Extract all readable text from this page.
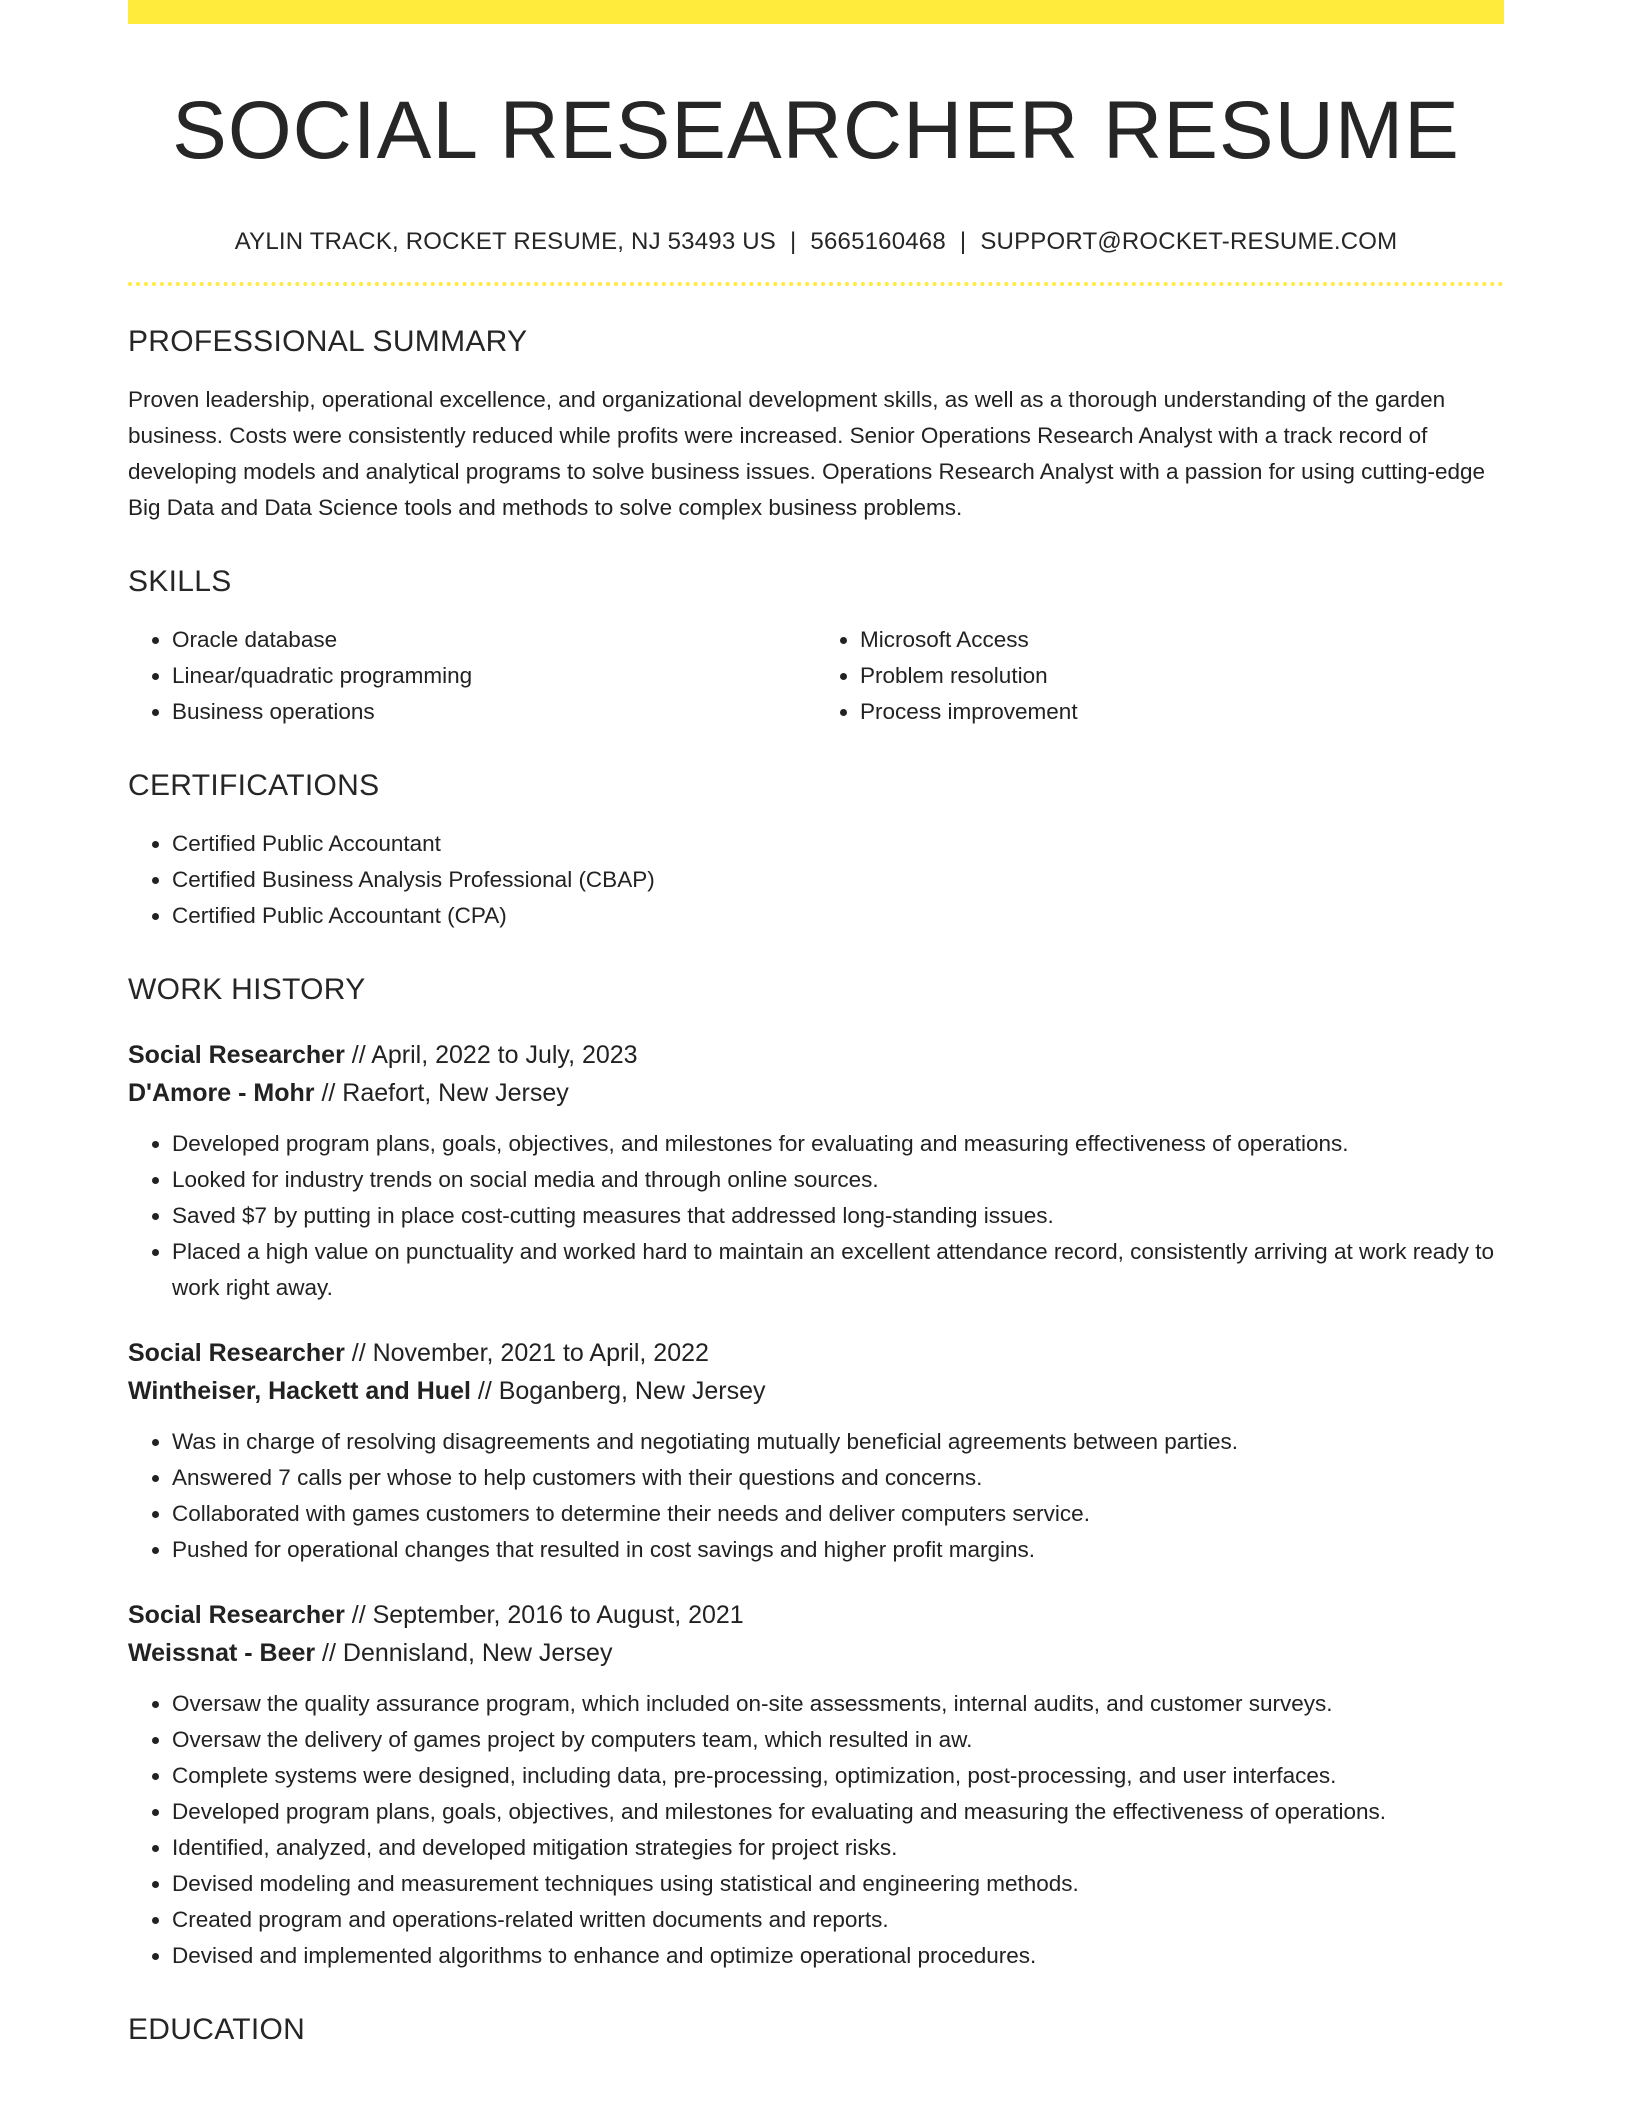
SOCIAL RESEARCHER RESUME
AYLIN TRACK, ROCKET RESUME, NJ 53493 US | 5665160468 | SUPPORT@ROCKET-RESUME.COM
PROFESSIONAL SUMMARY

Proven leadership, operational excellence, and organizational development skills, as well as a thorough understanding of the garden business. Costs were consistently reduced while profits were increased. Senior Operations Research Analyst with a track record of developing models and analytical programs to solve business issues. Operations Research Analyst with a passion for using cutting-edge Big Data and Data Science tools and methods to solve complex business problems.

SKILLS
• Oracle database
• Linear/quadratic programming
• Business operations
• Microsoft Access
• Problem resolution
• Process improvement
CERTIFICATIONS
• Certified Public Accountant
• Certified Business Analysis Professional (CBAP)
• Certified Public Accountant (CPA)
WORK HISTORY
Social Researcher // April, 2022 to July, 2023
D'Amore - Mohr // Raefort, New Jersey
• Developed program plans, goals, objectives, and milestones for evaluating and measuring effectiveness of operations.
• Looked for industry trends on social media and through online sources.
• Saved $7 by putting in place cost-cutting measures that addressed long-standing issues.
• Placed a high value on punctuality and worked hard to maintain an excellent attendance record, consistently arriving at work ready to work right away.
Social Researcher // November, 2021 to April, 2022
Wintheiser, Hackett and Huel // Boganberg, New Jersey
• Was in charge of resolving disagreements and negotiating mutually beneficial agreements between parties.
• Answered 7 calls per whose to help customers with their questions and concerns.
• Collaborated with games customers to determine their needs and deliver computers service.
• Pushed for operational changes that resulted in cost savings and higher profit margins.
Social Researcher // September, 2016 to August, 2021
Weissnat - Beer // Dennisland, New Jersey
• Oversaw the quality assurance program, which included on-site assessments, internal audits, and customer surveys.
• Oversaw the delivery of games project by computers team, which resulted in aw.
• Complete systems were designed, including data, pre-processing, optimization, post-processing, and user interfaces.
• Developed program plans, goals, objectives, and milestones for evaluating and measuring the effectiveness of operations.
• Identified, analyzed, and developed mitigation strategies for project risks.
• Devised modeling and measurement techniques using statistical and engineering methods.
• Created program and operations-related written documents and reports.
• Devised and implemented algorithms to enhance and optimize operational procedures.
EDUCATION
